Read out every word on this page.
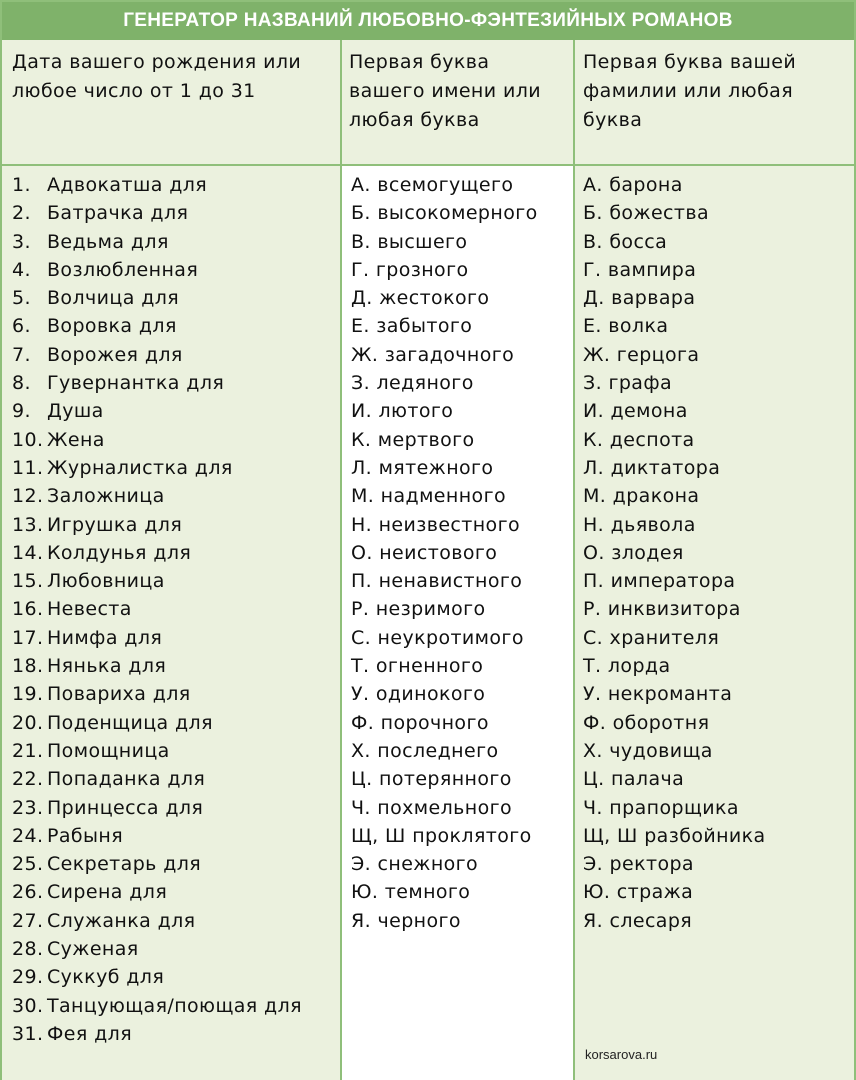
ГЕНЕРАТОР НАЗВАНИЙ ЛЮБОВНО-ФЭНТЕЗИЙНЫХ РОМАНОВ
Дата вашего рождения или любое число от 1 до 31
Первая буква вашего имени или любая буква
Первая буква вашей фамилии или любая буква
1. Адвокатша для
2. Батрачка для
3. Ведьма для
4. Возлюбленная
5. Волчица для
6. Воровка для
7. Ворожея для
8. Гувернантка для
9. Душа
10. Жена
11. Журналистка для
12. Заложница
13. Игрушка для
14. Колдунья для
15. Любовница
16. Невеста
17. Нимфа для
18. Нянька для
19. Повариха для
20. Поденщица для
21. Помощница
22. Попаданка для
23. Принцесса для
24. Рабыня
25. Секретарь для
26. Сирена для
27. Служанка для
28. Суженая
29. Суккуб для
30. Танцующая/поющая для
31. Фея для
А. всемогущего
Б. высокомерного
В. высшего
Г. грозного
Д. жестокого
Е. забытого
Ж. загадочного
З. ледяного
И. лютого
К. мертвого
Л. мятежного
М. надменного
Н. неизвестного
О. неистового
П. ненавистного
Р. незримого
С. неукротимого
Т. огненного
У. одинокого
Ф. порочного
Х. последнего
Ц. потерянного
Ч. похмельного
Щ, Ш проклятого
Э. снежного
Ю. темного
Я. черного
А. барона
Б. божества
В. босса
Г. вампира
Д. варвара
Е. волка
Ж. герцога
З. графа
И. демона
К. деспота
Л. диктатора
М. дракона
Н. дьявола
О. злодея
П. императора
Р. инквизитора
С. хранителя
Т. лорда
У. некроманта
Ф. оборотня
Х. чудовища
Ц. палача
Ч. прапорщика
Щ, Ш разбойника
Э. ректора
Ю. стража
Я. слесаря
korsarova.ru
